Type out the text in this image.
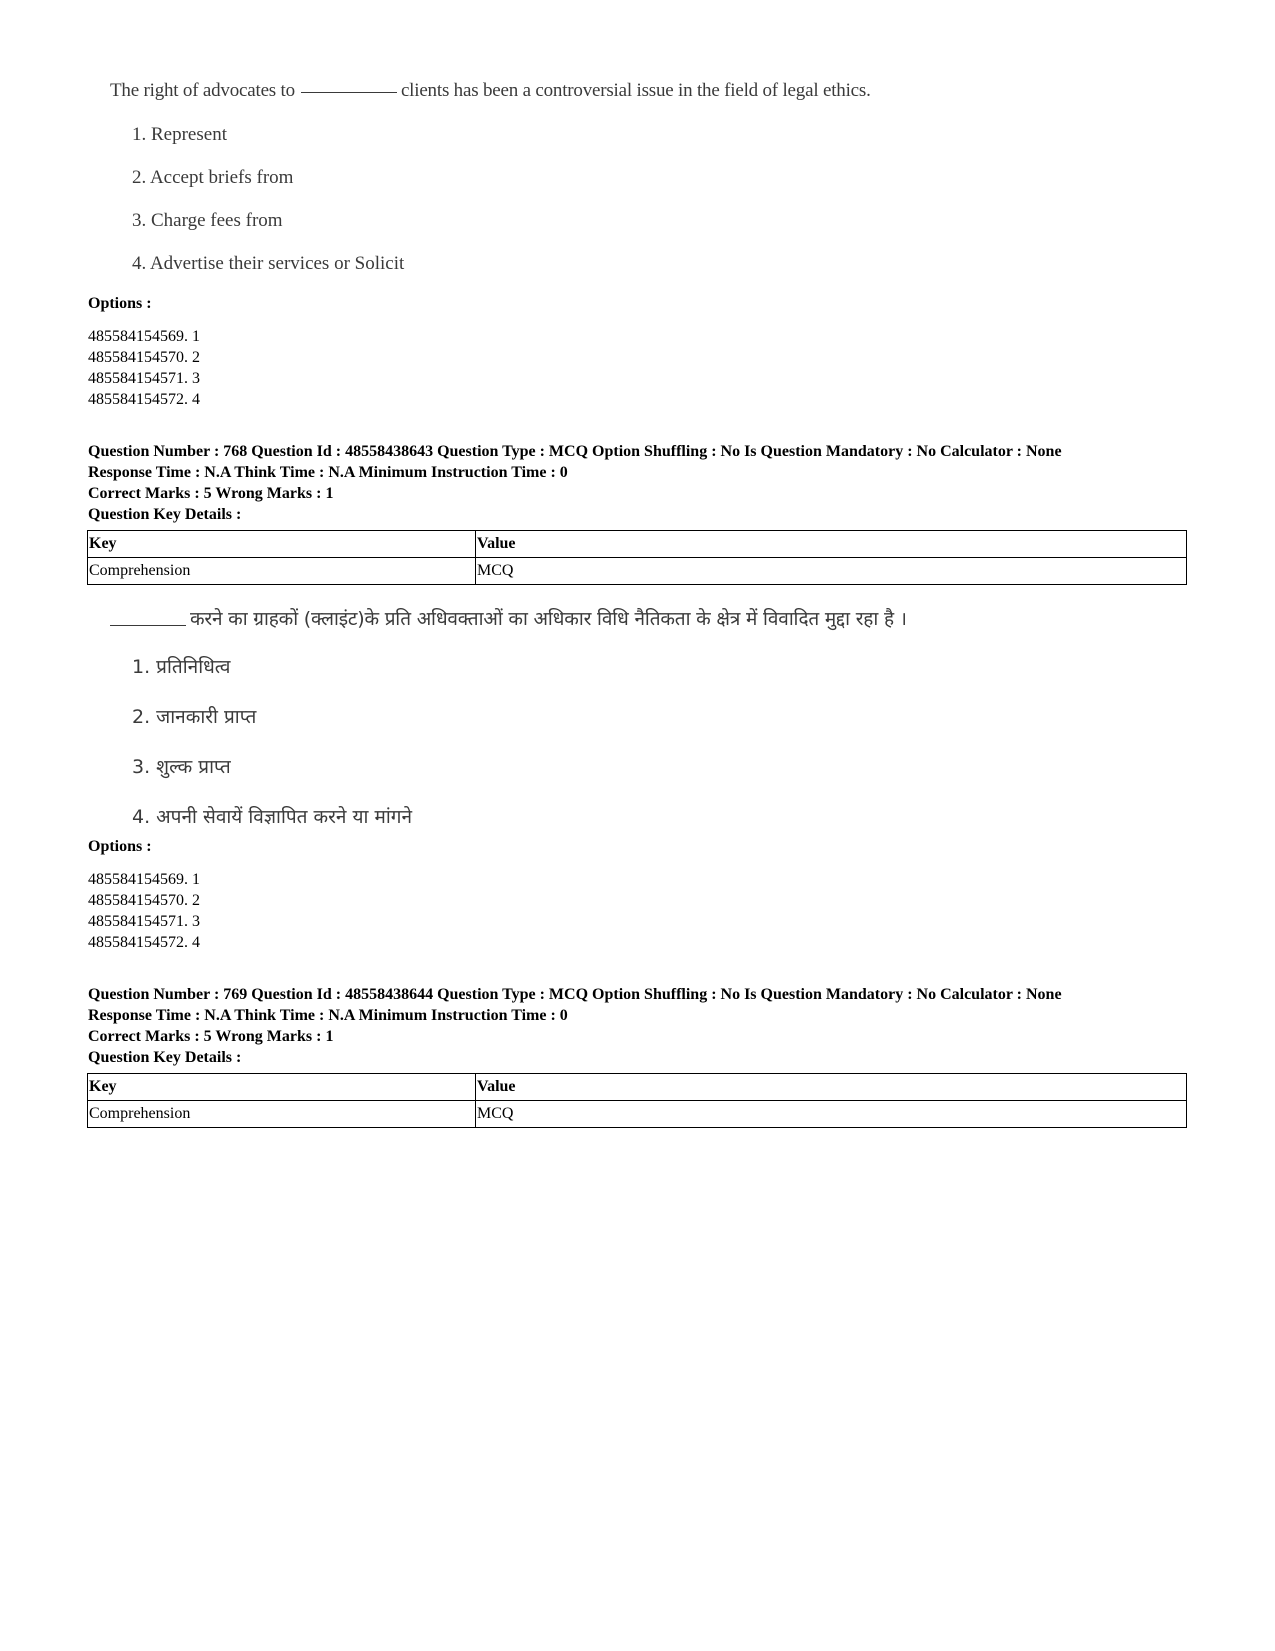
The right of advocates to	clients has been a controversial issue in the field of legal ethics.
1. Represent
2. Accept briefs from
3. Charge fees from
4. Advertise their services or Solicit
Options :
485584154569. 1
485584154570. 2
485584154571. 3
485584154572. 4
Question Number : 768 Question Id : 48558438643 Question Type : MCQ Option Shuffling : No Is Question Mandatory : No Calculator : None
Response Time : N.A Think Time : N.A Minimum Instruction Time : 0
Correct Marks : 5 Wrong Marks : 1
Question Key Details :
Key	Value
Comprehension	MCQ
करने का ग्राहकों (क्लाइंट)के प्रति अधिवक्ताओं का अधिकार विधि नैतिकता के क्षेत्र में विवादित मुद्दा रहा है ।
1. प्रतिनिधित्व
2. जानकारी प्राप्त
3. शुल्क प्राप्त
4. अपनी सेवायें विज्ञापित करने या मांगने
Options :
485584154569. 1
485584154570. 2
485584154571. 3
485584154572. 4
Question Number : 769 Question Id : 48558438644 Question Type : MCQ Option Shuffling : No Is Question Mandatory : No Calculator : None
Response Time : N.A Think Time : N.A Minimum Instruction Time : 0
Correct Marks : 5 Wrong Marks : 1
Question Key Details :
Key	Value
Comprehension	MCQ
